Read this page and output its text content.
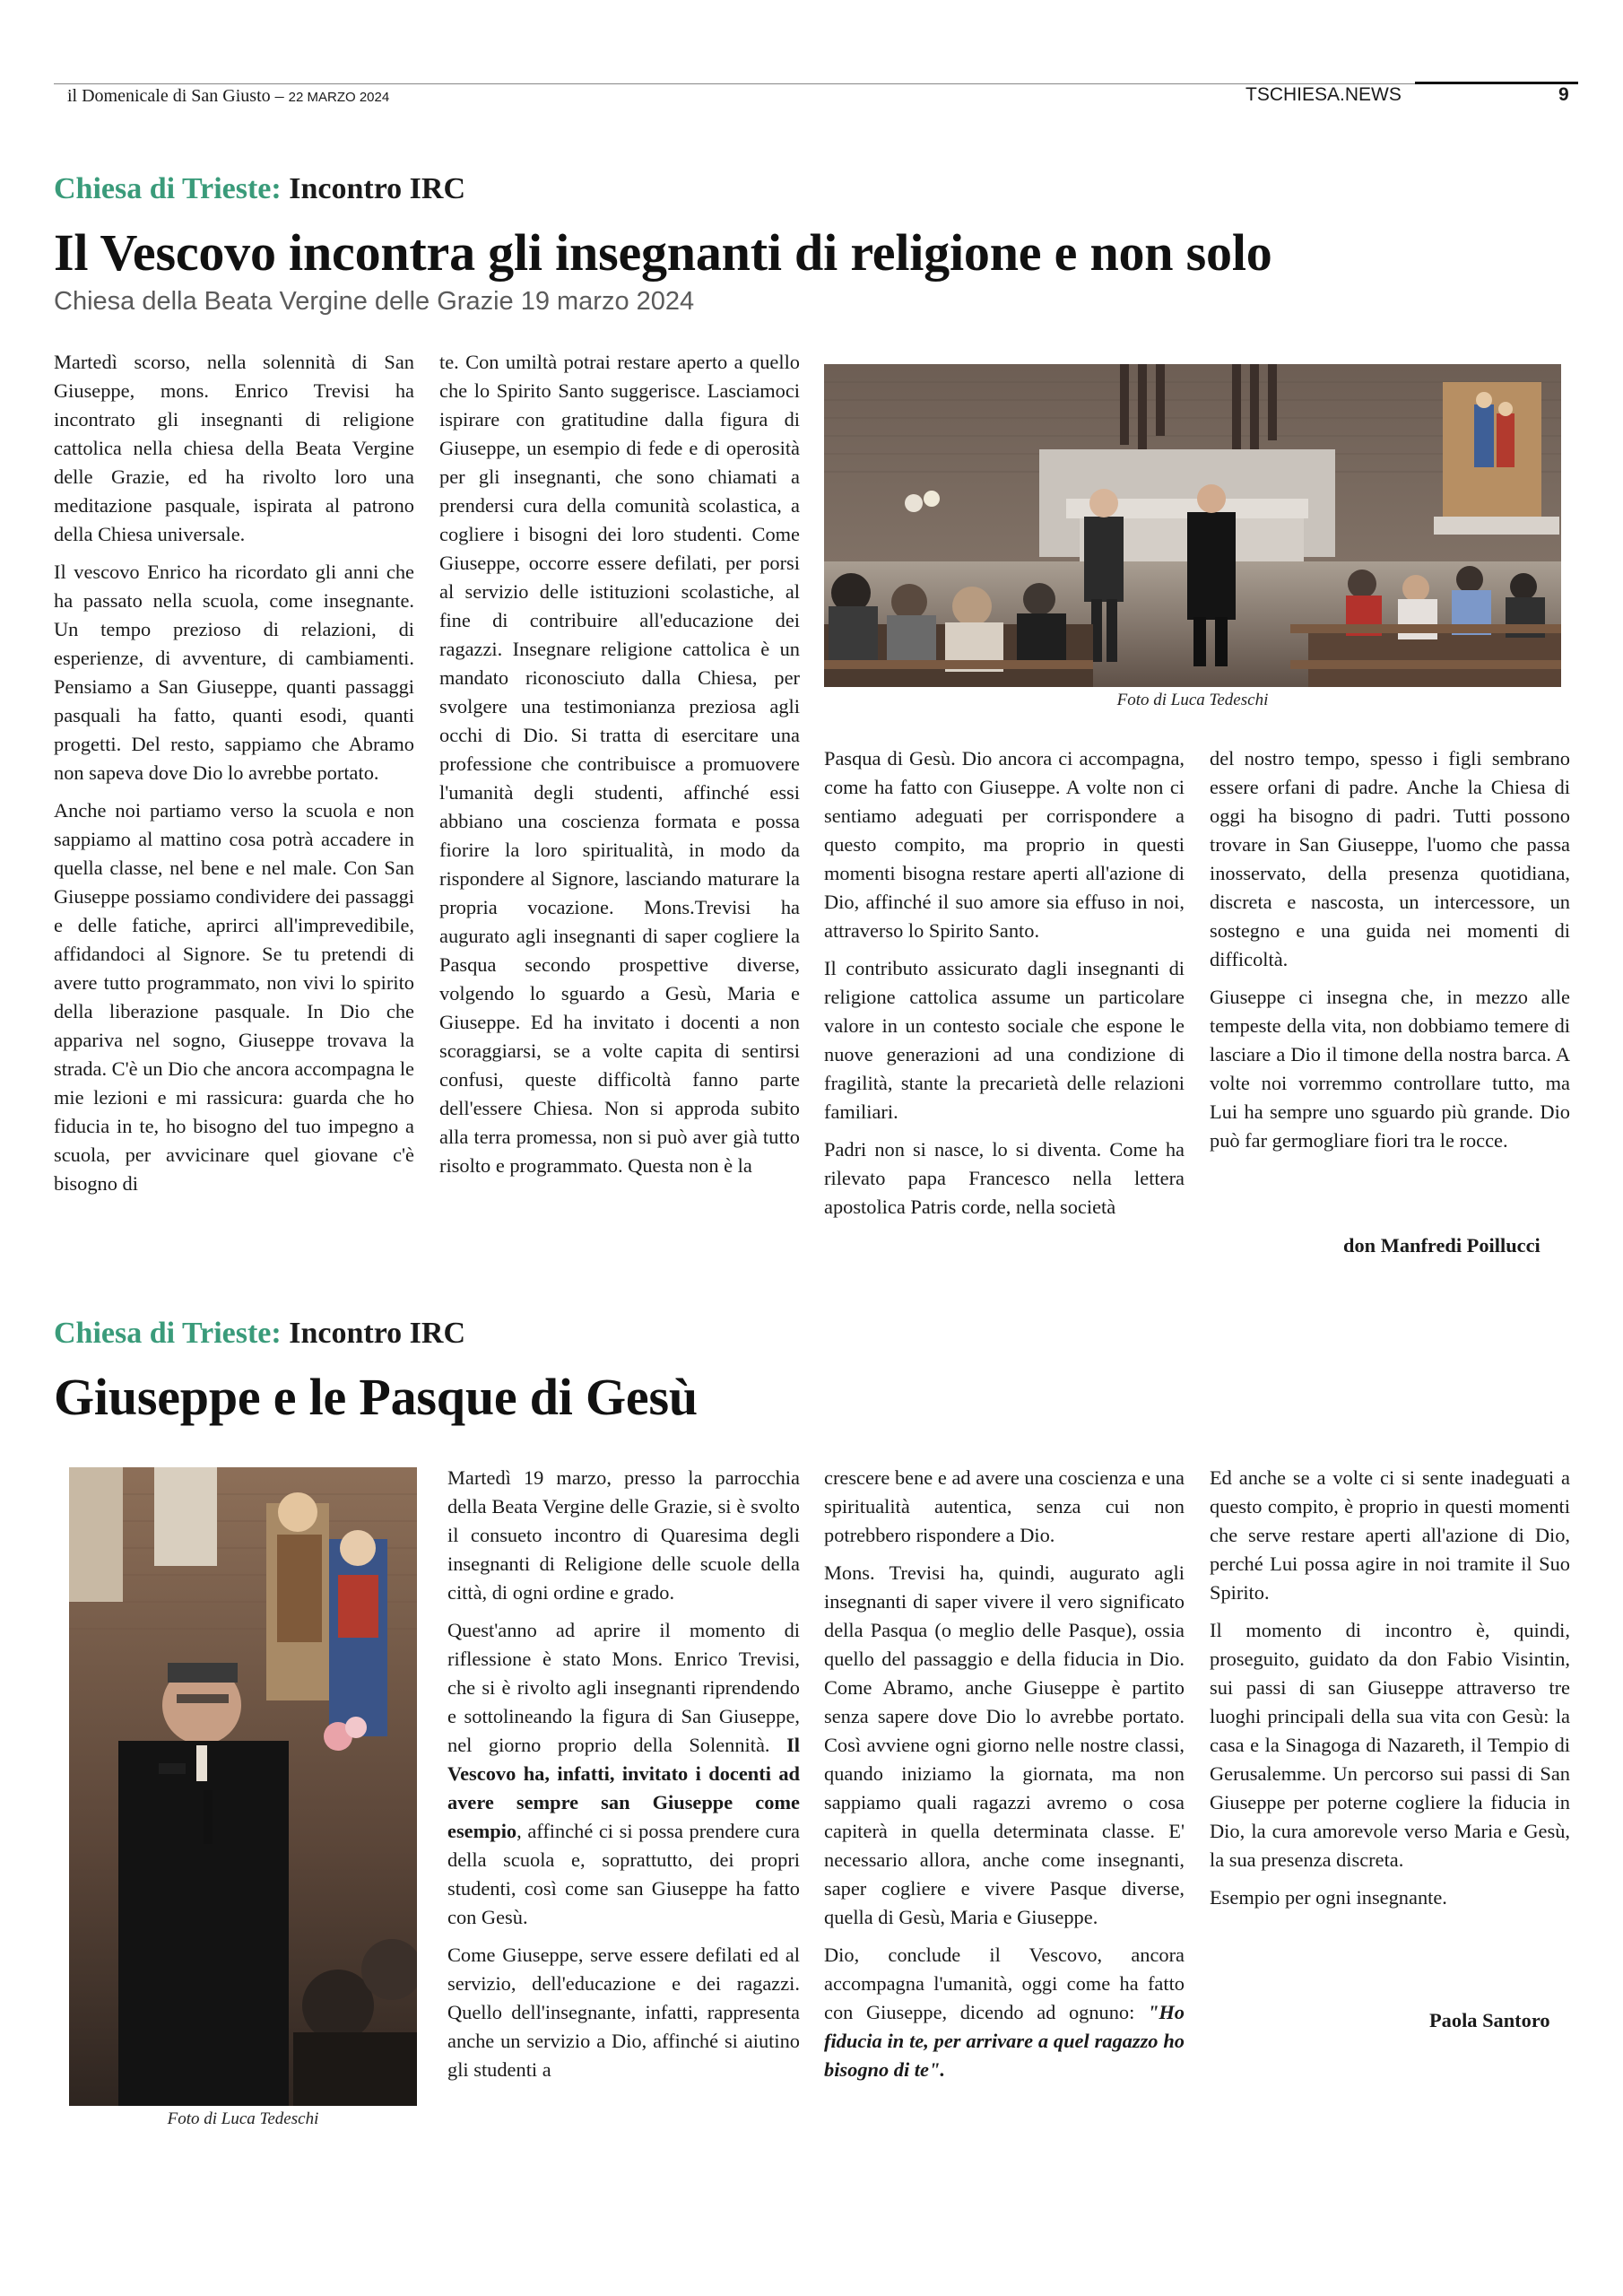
il Domenicale di San Giusto – 22 MARZO 2024	TSCHIESA.NEWS	9
Chiesa di Trieste: Incontro IRC
Il Vescovo incontra gli insegnanti di religione e non solo
Chiesa della Beata Vergine delle Grazie 19 marzo 2024

Martedì scorso, nella solennità di San Giuseppe, mons. Enrico Trevisi ha incontrato gli insegnanti di religione cattolica nella chiesa della Beata Vergine delle Grazie, ed ha rivolto loro una meditazione pasquale, ispirata al patrono della Chiesa universale.

Il vescovo Enrico ha ricordato gli anni che ha passato nella scuola, come insegnante. Un tempo prezioso di relazioni, di esperienze, di avventure, di cambiamenti. Pensiamo a San Giuseppe, quanti passaggi pasquali ha fatto, quanti esodi, quanti progetti. Del resto, sappiamo che Abramo non sapeva dove Dio lo avrebbe portato.

Anche noi partiamo verso la scuola e non sappiamo al mattino cosa potrà accadere in quella classe, nel bene e nel male. Con San Giuseppe possiamo condividere dei passaggi e delle fatiche, aprirci all'imprevedibile, affidandoci al Signore. Se tu pretendi di avere tutto programmato, non vivi lo spirito della liberazione pasquale. In Dio che appariva nel sogno, Giuseppe trovava la strada. C'è un Dio che ancora accompagna le mie lezioni e mi rassicura: guarda che ho fiducia in te, ho bisogno del tuo impegno a scuola, per avvicinare quel giovane c'è bisogno di

te. Con umiltà potrai restare aperto a quello che lo Spirito Santo suggerisce. Lasciamoci ispirare con gratitudine dalla figura di Giuseppe, un esempio di fede e di operosità per gli insegnanti, che sono chiamati a prendersi cura della comunità scolastica, a cogliere i bisogni dei loro studenti. Come Giuseppe, occorre essere defilati, per porsi al servizio delle istituzioni scolastiche, al fine di contribuire all'educazione dei ragazzi. Insegnare religione cattolica è un mandato riconosciuto dalla Chiesa, per svolgere una testimonianza preziosa agli occhi di Dio. Si tratta di esercitare una professione che contribuisce a promuovere l'umanità degli studenti, affinché essi abbiano una coscienza formata e possa fiorire la loro spiritualità, in modo da rispondere al Signore, lasciando maturare la propria vocazione. Mons.Trevisi ha augurato agli insegnanti di saper cogliere la Pasqua secondo prospettive diverse, volgendo lo sguardo a Gesù, Maria e Giuseppe. Ed ha invitato i docenti a non scoraggiarsi, se a volte capita di sentirsi confusi, queste difficoltà fanno parte dell'essere Chiesa. Non si approda subito alla terra promessa, non si può aver già tutto risolto e programmato. Questa non è la

Foto di Luca Tedeschi

Pasqua di Gesù. Dio ancora ci accompagna, come ha fatto con Giuseppe. A volte non ci sentiamo adeguati per corrispondere a questo compito, ma proprio in questi momenti bisogna restare aperti all'azione di Dio, affinché il suo amore sia effuso in noi, attraverso lo Spirito Santo.

Il contributo assicurato dagli insegnanti di religione cattolica assume un particolare valore in un contesto sociale che espone le nuove generazioni ad una condizione di fragilità, stante la precarietà delle relazioni familiari.

Padri non si nasce, lo si diventa. Come ha rilevato papa Francesco nella lettera apostolica Patris corde, nella società

del nostro tempo, spesso i figli sembrano essere orfani di padre. Anche la Chiesa di oggi ha bisogno di padri. Tutti possono trovare in San Giuseppe, l'uomo che passa inosservato, della presenza quotidiana, discreta e nascosta, un intercessore, un sostegno e una guida nei momenti di difficoltà.

Giuseppe ci insegna che, in mezzo alle tempeste della vita, non dobbiamo temere di lasciare a Dio il timone della nostra barca. A volte noi vorremmo controllare tutto, ma Lui ha sempre uno sguardo più grande. Dio può far germogliare fiori tra le rocce.

don Manfredi Poillucci
Chiesa di Trieste: Incontro IRC
Giuseppe e le Pasque di Gesù
Foto di Luca Tedeschi

Martedì 19 marzo, presso la parrocchia della Beata Vergine delle Grazie, si è svolto il consueto incontro di Quaresima degli insegnanti di Religione delle scuole della città, di ogni ordine e grado.

Quest'anno ad aprire il momento di riflessione è stato Mons. Enrico Trevisi, che si è rivolto agli insegnanti riprendendo e sottolineando la figura di San Giuseppe, nel giorno proprio della Solennità. Il Vescovo ha, infatti, invitato i docenti ad avere sempre san Giuseppe come esempio, affinché ci si possa prendere cura della scuola e, soprattutto, dei propri studenti, così come san Giuseppe ha fatto con Gesù.

Come Giuseppe, serve essere defilati ed al servizio, dell'educazione e dei ragazzi. Quello dell'insegnante, infatti, rappresenta anche un servizio a Dio, affinché si aiutino gli studenti a

crescere bene e ad avere una coscienza e una spiritualità autentica, senza cui non potrebbero rispondere a Dio.

Mons. Trevisi ha, quindi, augurato agli insegnanti di saper vivere il vero significato della Pasqua (o meglio delle Pasque), ossia quello del passaggio e della fiducia in Dio. Come Abramo, anche Giuseppe è partito senza sapere dove Dio lo avrebbe portato. Così avviene ogni giorno nelle nostre classi, quando iniziamo la giornata, ma non sappiamo quali ragazzi avremo o cosa capiterà in quella determinata classe. E' necessario allora, anche come insegnanti, saper cogliere e vivere Pasque diverse, quella di Gesù, Maria e Giuseppe.

Dio, conclude il Vescovo, ancora accompagna l'umanità, oggi come ha fatto con Giuseppe, dicendo ad ognuno: "Ho fiducia in te, per arrivare a quel ragazzo ho bisogno di te".

Ed anche se a volte ci si sente inadeguati a questo compito, è proprio in questi momenti che serve restare aperti all'azione di Dio, perché Lui possa agire in noi tramite il Suo Spirito.

Il momento di incontro è, quindi, proseguito, guidato da don Fabio Visintin, sui passi di san Giuseppe attraverso tre luoghi principali della sua vita con Gesù: la casa e la Sinagoga di Nazareth, il Tempio di Gerusalemme. Un percorso sui passi di San Giuseppe per poterne cogliere la fiducia in Dio, la cura amorevole verso Maria e Gesù, la sua presenza discreta.

Esempio per ogni insegnante.

Paola Santoro
